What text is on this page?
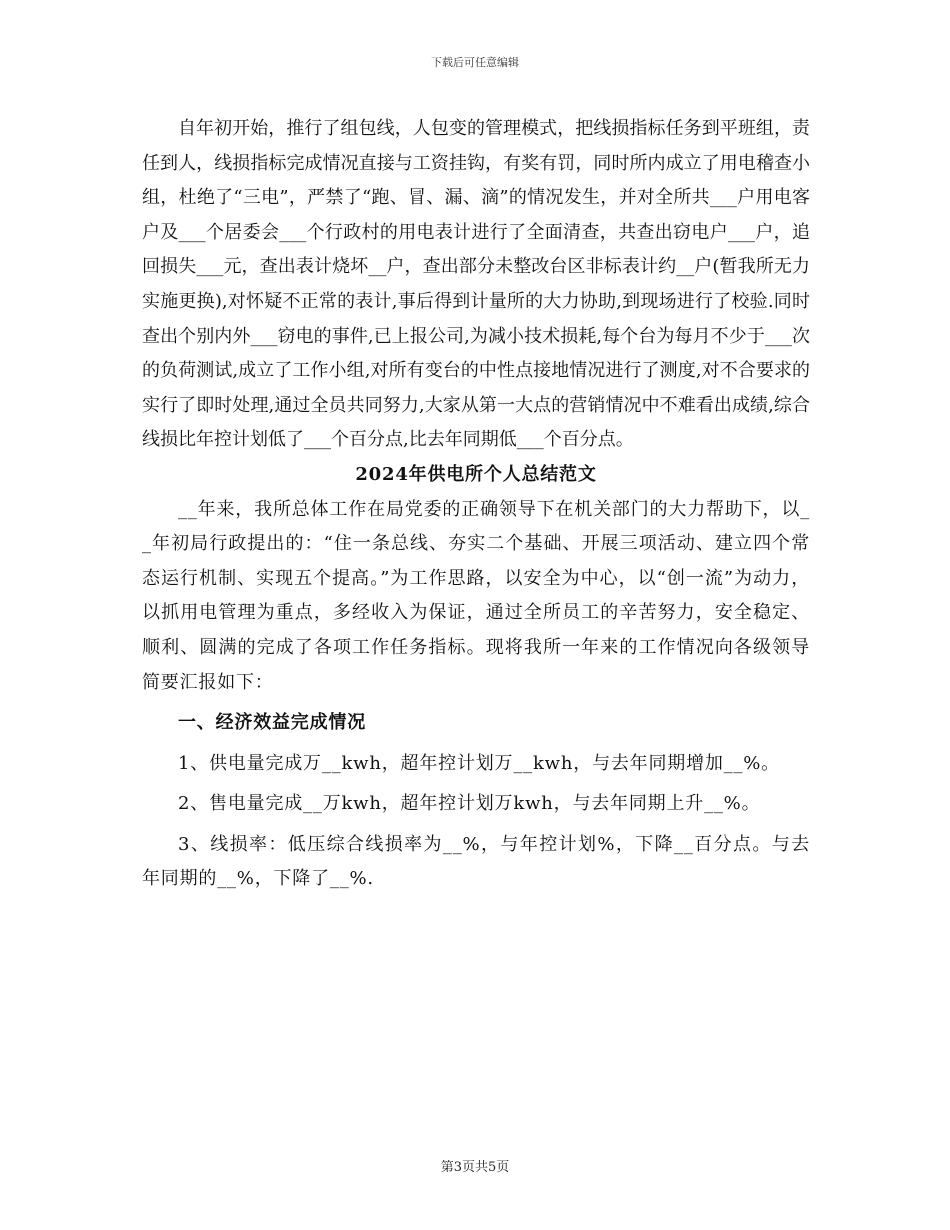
下载后可任意编辑

自年初开始，推行了组包线，人包变的管理模式，把线损指标任务到平班组，责任到人，线损指标完成情况直接与工资挂钩，有奖有罚，同时所内成立了用电稽查小组，杜绝了“三电”，严禁了“跑、冒、漏、滴”的情况发生，并对全所共___户用电客户及___个居委会___个行政村的用电表计进行了全面清查，共查出窃电户___户，追回损失___元，查出表计烧坏__户，查出部分未整改台区非标表计约__户(暂我所无力实施更换),对怀疑不正常的表计,事后得到计量所的大力协助,到现场进行了校验.同时查出个别内外___窃电的事件,已上报公司,为减小技术损耗,每个台为每月不少于___次的负荷测试,成立了工作小组,对所有变台的中性点接地情况进行了测度,对不合要求的实行了即时处理,通过全员共同努力,大家从第一大点的营销情况中不难看出成绩,综合线损比年控计划低了___个百分点,比去年同期低___个百分点。

2024年供电所个人总结范文

__年来，我所总体工作在局党委的正确领导下在机关部门的大力帮助下，以__年初局行政提出的：“住一条总线、夯实二个基础、开展三项活动、建立四个常态运行机制、实现五个提高。”为工作思路，以安全为中心，以“创一流”为动力，以抓用电管理为重点，多经收入为保证，通过全所员工的辛苦努力，安全稳定、顺利、圆满的完成了各项工作任务指标。现将我所一年来的工作情况向各级领导简要汇报如下：

一、经济效益完成情况

1、供电量完成万__kwh，超年控计划万__kwh，与去年同期增加__%。

2、售电量完成__万kwh，超年控计划万kwh，与去年同期上升__%。

3、线损率：低压综合线损率为__%，与年控计划%，下降__百分点。与去年同期的__%，下降了__%.

第3页共5页
